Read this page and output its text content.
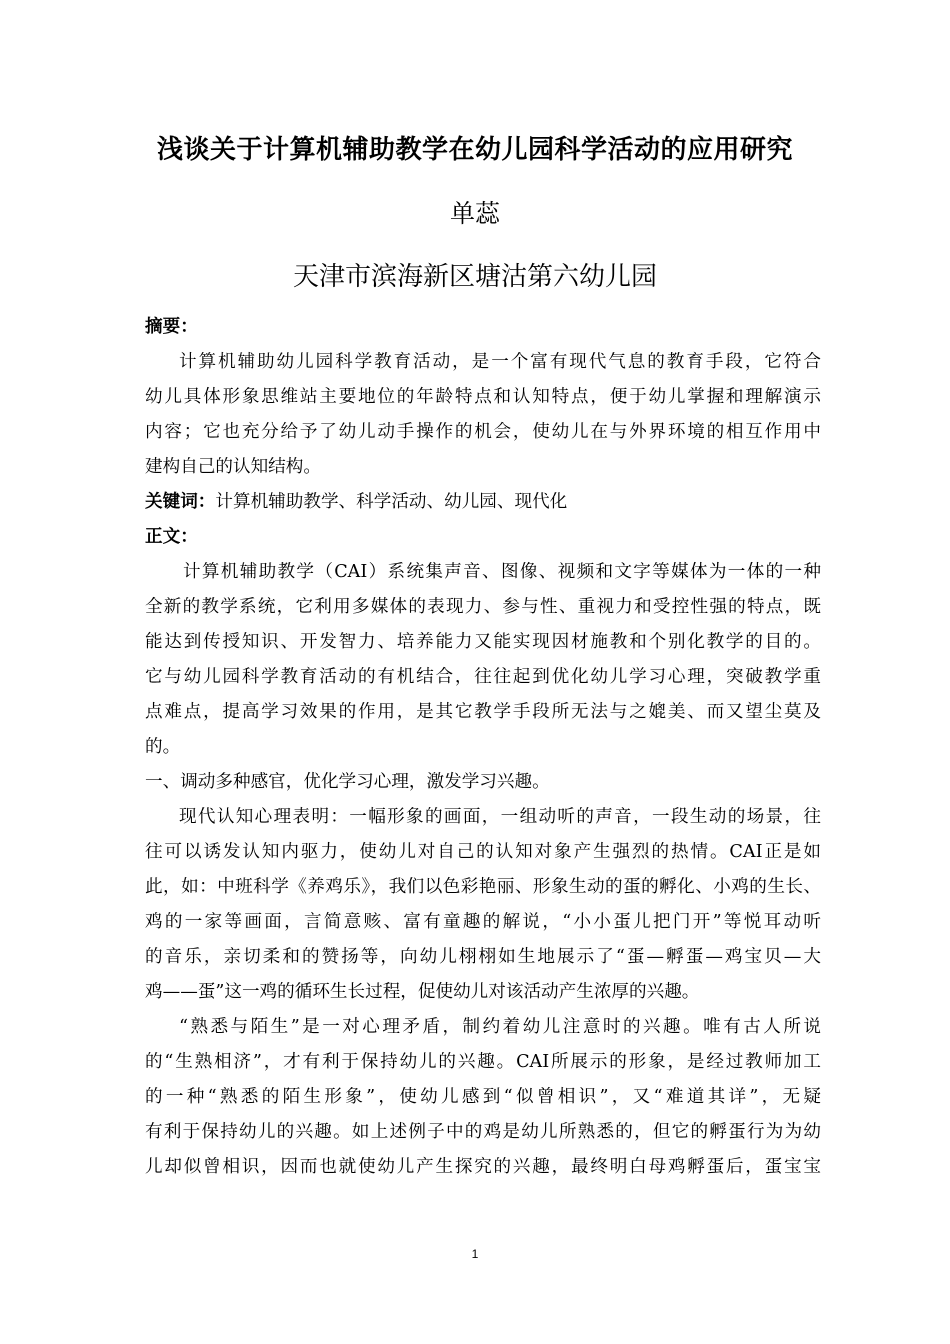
浅谈关于计算机辅助教学在幼儿园科学活动的应用研究
单蕊
天津市滨海新区塘沽第六幼儿园
摘要：
计算机辅助幼儿园科学教育活动，是一个富有现代气息的教育手段，它符合
幼儿具体形象思维站主要地位的年龄特点和认知特点，便于幼儿掌握和理解演示
内容；它也充分给予了幼儿动手操作的机会，使幼儿在与外界环境的相互作用中
建构自己的认知结构。
关键词：计算机辅助教学、科学活动、幼儿园、现代化
正文：
计算机辅助教学（CAI）系统集声音、图像、视频和文字等媒体为一体的一种
全新的教学系统，它利用多媒体的表现力、参与性、重视力和受控性强的特点，既
能达到传授知识、开发智力、培养能力又能实现因材施教和个别化教学的目的。
它与幼儿园科学教育活动的有机结合，往往起到优化幼儿学习心理，突破教学重
点难点，提高学习效果的作用，是其它教学手段所无法与之媲美、而又望尘莫及
的。
一、调动多种感官，优化学习心理，激发学习兴趣。
现代认知心理表明：一幅形象的画面，一组动听的声音，一段生动的场景，往
往可以诱发认知内驱力，使幼儿对自己的认知对象产生强烈的热情。CAI正是如
此，如：中班科学《养鸡乐》，我们以色彩艳丽、形象生动的蛋的孵化、小鸡的生长、
鸡的一家等画面，言简意赅、富有童趣的解说，“小小蛋儿把门开”等悦耳动听
的音乐，亲切柔和的赞扬等，向幼儿栩栩如生地展示了“蛋—孵蛋—鸡宝贝—大
鸡——蛋”这一鸡的循环生长过程，促使幼儿对该活动产生浓厚的兴趣。
“熟悉与陌生”是一对心理矛盾，制约着幼儿注意时的兴趣。唯有古人所说
的“生熟相济”，才有利于保持幼儿的兴趣。CAI所展示的形象，是经过教师加工
的一种“熟悉的陌生形象”，使幼儿感到“似曾相识”，又“难道其详”，无疑
有利于保持幼儿的兴趣。如上述例子中的鸡是幼儿所熟悉的，但它的孵蛋行为为幼
儿却似曾相识，因而也就使幼儿产生探究的兴趣，最终明白母鸡孵蛋后，蛋宝宝
1
